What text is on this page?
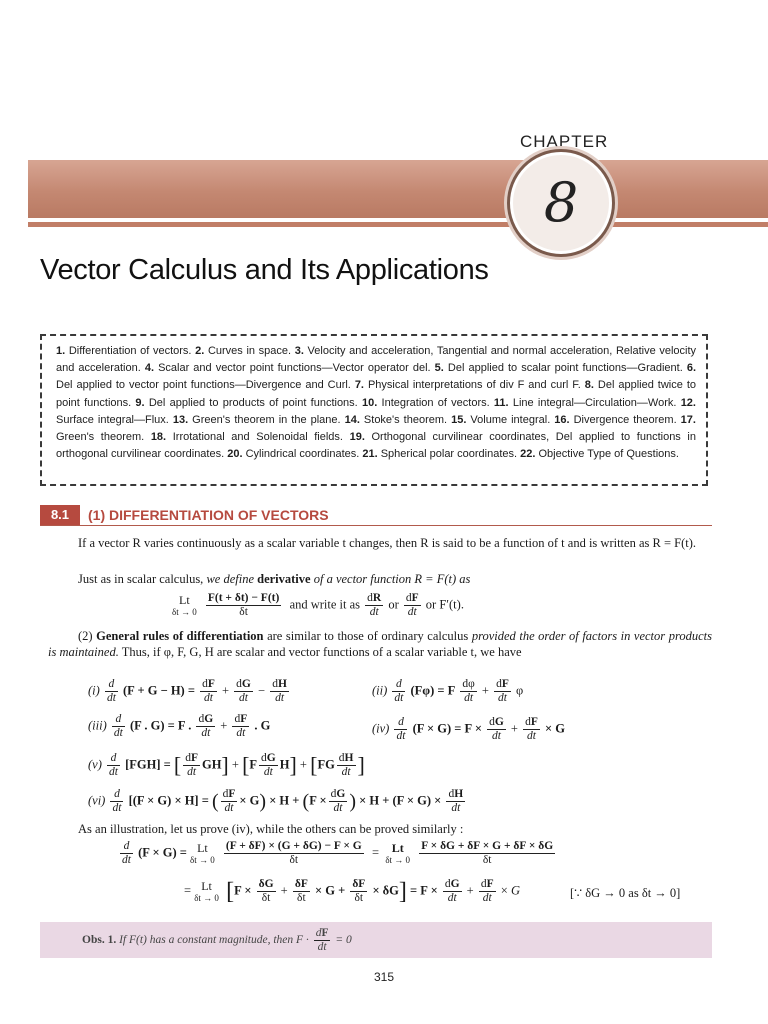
CHAPTER
8
Vector Calculus and Its Applications
1. Differentiation of vectors. 2. Curves in space. 3. Velocity and acceleration, Tangential and normal acceleration, Relative velocity and acceleration. 4. Scalar and vector point functions—Vector operator del. 5. Del applied to scalar point functions—Gradient. 6. Del applied to vector point functions—Divergence and Curl. 7. Physical interpretations of div F and curl F. 8. Del applied twice to point functions. 9. Del applied to products of point functions. 10. Integration of vectors. 11. Line integral—Circulation—Work. 12. Surface integral—Flux. 13. Green's theorem in the plane. 14. Stoke's theorem. 15. Volume integral. 16. Divergence theorem. 17. Green's theorem. 18. Irrotational and Solenoidal fields. 19. Orthogonal curvilinear coordinates, Del applied to functions in orthogonal curvilinear coordinates. 20. Cylindrical coordinates. 21. Spherical polar coordinates. 22. Objective Type of Questions.
8.1	(1) DIFFERENTIATION OF VECTORS
If a vector R varies continuously as a scalar variable t changes, then R is said to be a function of t and is written as R = F(t).
Just as in scalar calculus, we define derivative of a vector function R = F(t) as
Lt
δt → 0
$\frac{F(t + \delta t) - F(t)}{\delta t}$ and write it as $\frac{dR}{dt}$ or $\frac{dF}{dt}$ or F′(t).
(2) General rules of differentiation are similar to those of ordinary calculus provided the order of factors in vector products is maintained. Thus, if φ, F, G, H are scalar and vector functions of a scalar variable t, we have
$(i) \frac{d}{dt} (F + G - H) = \frac{dF}{dt} + \frac{dG}{dt} - \frac{dH}{dt}$	$(ii) \frac{d}{dt} (F\varphi) = F \frac{d\varphi}{dt} + \frac{dF}{dt}$ φ
$(iii) \frac{d}{dt} (F$ . G) = F . $\frac{dG}{dt} + \frac{dF}{dt}$ . G	$(iv) \frac{d}{dt} (F \times G) = F \times \frac{dG}{dt} + \frac{dF}{dt} \times G$
$(v) \frac{d}{dt} [FGH]$ = [ $\frac{dF}{dt} GH] + [F \frac{dG}{dt} H] + [FG \frac{dH}{dt}$ ]
$(vi) \frac{d}{dt} [(F \times G) \times H]$ = ( $\frac{dF}{dt} \times G) \times H + (F \times \frac{dG}{dt}$ ) × $H + (F \times G) \times \frac{dH}{dt}$
As an illustration, let us prove (iv), while the others can be proved similarly :
$\frac{d}{dt} (F \times G) = Lt$
δt → 0
$\frac{(F + \delta F) \times (G + \delta G) - F \times G}{\delta t} = Lt$
δt → 0
$\frac{F \times \delta G + \delta F \times G + \delta F \times \delta G}{\delta t}$
= Lt
δt → 0 $[F \times \frac{\delta G}{\delta t} + \frac{\delta F}{\delta t} \times G + \frac{\delta F}{\delta t} \times \delta G] = F \times \frac{dG}{dt} + \frac{dF}{dt} \times G$	[∵ δG → 0 as δt → 0]
Obs. 1. If F(t) has a constant magnitude, then $F \cdot \frac{dF}{dt} = 0$
315
